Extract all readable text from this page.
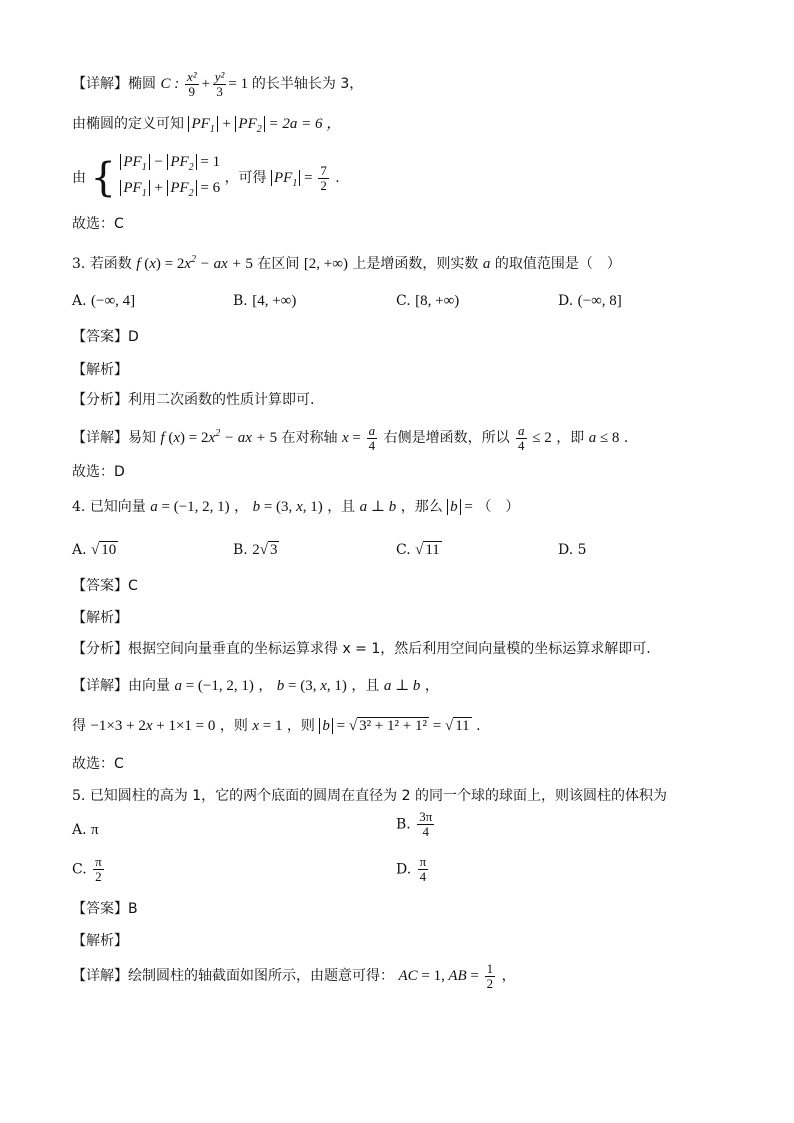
【详解】椭圆 C : $\frac{\text{x²}}{9} + \frac{\text{y²}}{3} = 1$ 的长半轴长为 3，
由椭圆的定义可知 $PF_1 + PF_2 = 2a = 6$ ，
由 { $PF_1 - PF_2 = 1$
$PF_1 + PF_2 = 6$
，可得 $PF_1 = \frac{7}{2}$ .
故选：C
3. 若函数 f $(x) = 2x^2$ − ax + 5 在区间 [2, +∞) 上是增函数，则实数 a 的取值范围是（　）
A. (−∞, 4]	B. [4, +∞)	C. [8, +∞)	D. (−∞, 8]
【答案】D
【解析】
【分析】利用二次函数的性质计算即可.
【详解】易知 f $(x) = 2x^2$ − ax + 5 在对称轴 $x = \frac{a}{4}$ 右侧是增函数，所以 $\frac{a}{4} \le 2$ ，即 a ≤ 8 .
故选：D
4. 已知向量 a = (−1, 2, 1) ， b = (3, x, 1) ，且 a ⊥ b ，那么 b = （　）
A. √ 10	B. 2√ 3	C. √ 11	D. 5
【答案】C
【解析】
【分析】根据空间向量垂直的坐标运算求得 x = 1，然后利用空间向量模的坐标运算求解即可.
【详解】由向量 a = (−1, 2, 1) ， b = (3, x, 1) ，且 a ⊥ b ，
得 −1×3 + 2x + 1×1 = 0 ，则 x = 1 ，则 b = √ 3² + 1² + 1² = √ 11 .
故选：C
5. 已知圆柱的高为 1，它的两个底面的圆周在直径为 2 的同一个球的球面上，则该圆柱的体积为
A. π	B. $\frac{3\pi}{4}$
C. $\frac{\pi}{2}$	D. $\frac{\pi}{4}$
【答案】B
【解析】
【详解】绘制圆柱的轴截面如图所示，由题意可得： AC = 1, AB = $\frac{1}{2}$ ，
